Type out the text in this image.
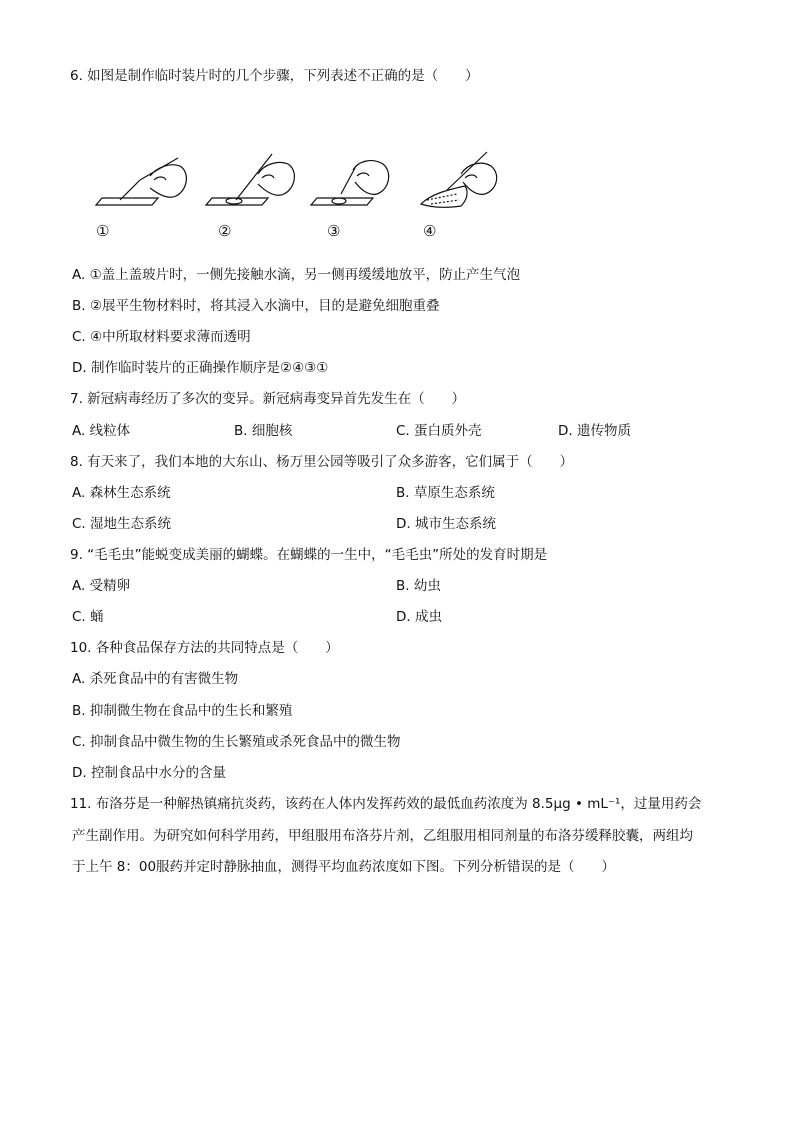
6. 如图是制作临时装片时的几个步骤，下列表述不正确的是（　　）
①	②	③	④
A. ①盖上盖玻片时，一侧先接触水滴，另一侧再缓缓地放平，防止产生气泡
B. ②展平生物材料时，将其浸入水滴中，目的是避免细胞重叠
C. ④中所取材料要求薄而透明
D. 制作临时装片的正确操作顺序是②④③①
7. 新冠病毒经历了多次的变异。新冠病毒变异首先发生在（　　）
A. 线粒体	B. 细胞核	C. 蛋白质外壳	D. 遗传物质
8. 有天来了，我们本地的大东山、杨万里公园等吸引了众多游客，它们属于（　　）
A. 森林生态系统	B. 草原生态系统
C. 湿地生态系统	D. 城市生态系统
9. “毛毛虫”能蜕变成美丽的蝴蝶。在蝴蝶的一生中，“毛毛虫”所处的发育时期是
A. 受精卵	B. 幼虫
C. 蛹	D. 成虫
10. 各种食品保存方法的共同特点是（　　）
A. 杀死食品中的有害微生物
B. 抑制微生物在食品中的生长和繁殖
C. 抑制食品中微生物的生长繁殖或杀死食品中的微生物
D. 控制食品中水分的含量
11. 布洛芬是一种解热镇痛抗炎药，该药在人体内发挥药效的最低血药浓度为 8.5μg • mL⁻¹，过量用药会
产生副作用。为研究如何科学用药，甲组服用布洛芬片剂，乙组服用相同剂量的布洛芬缓释胶囊，两组均
于上午 8：00服药并定时静脉抽血，测得平均血药浓度如下图。下列分析错误的是（　　）
